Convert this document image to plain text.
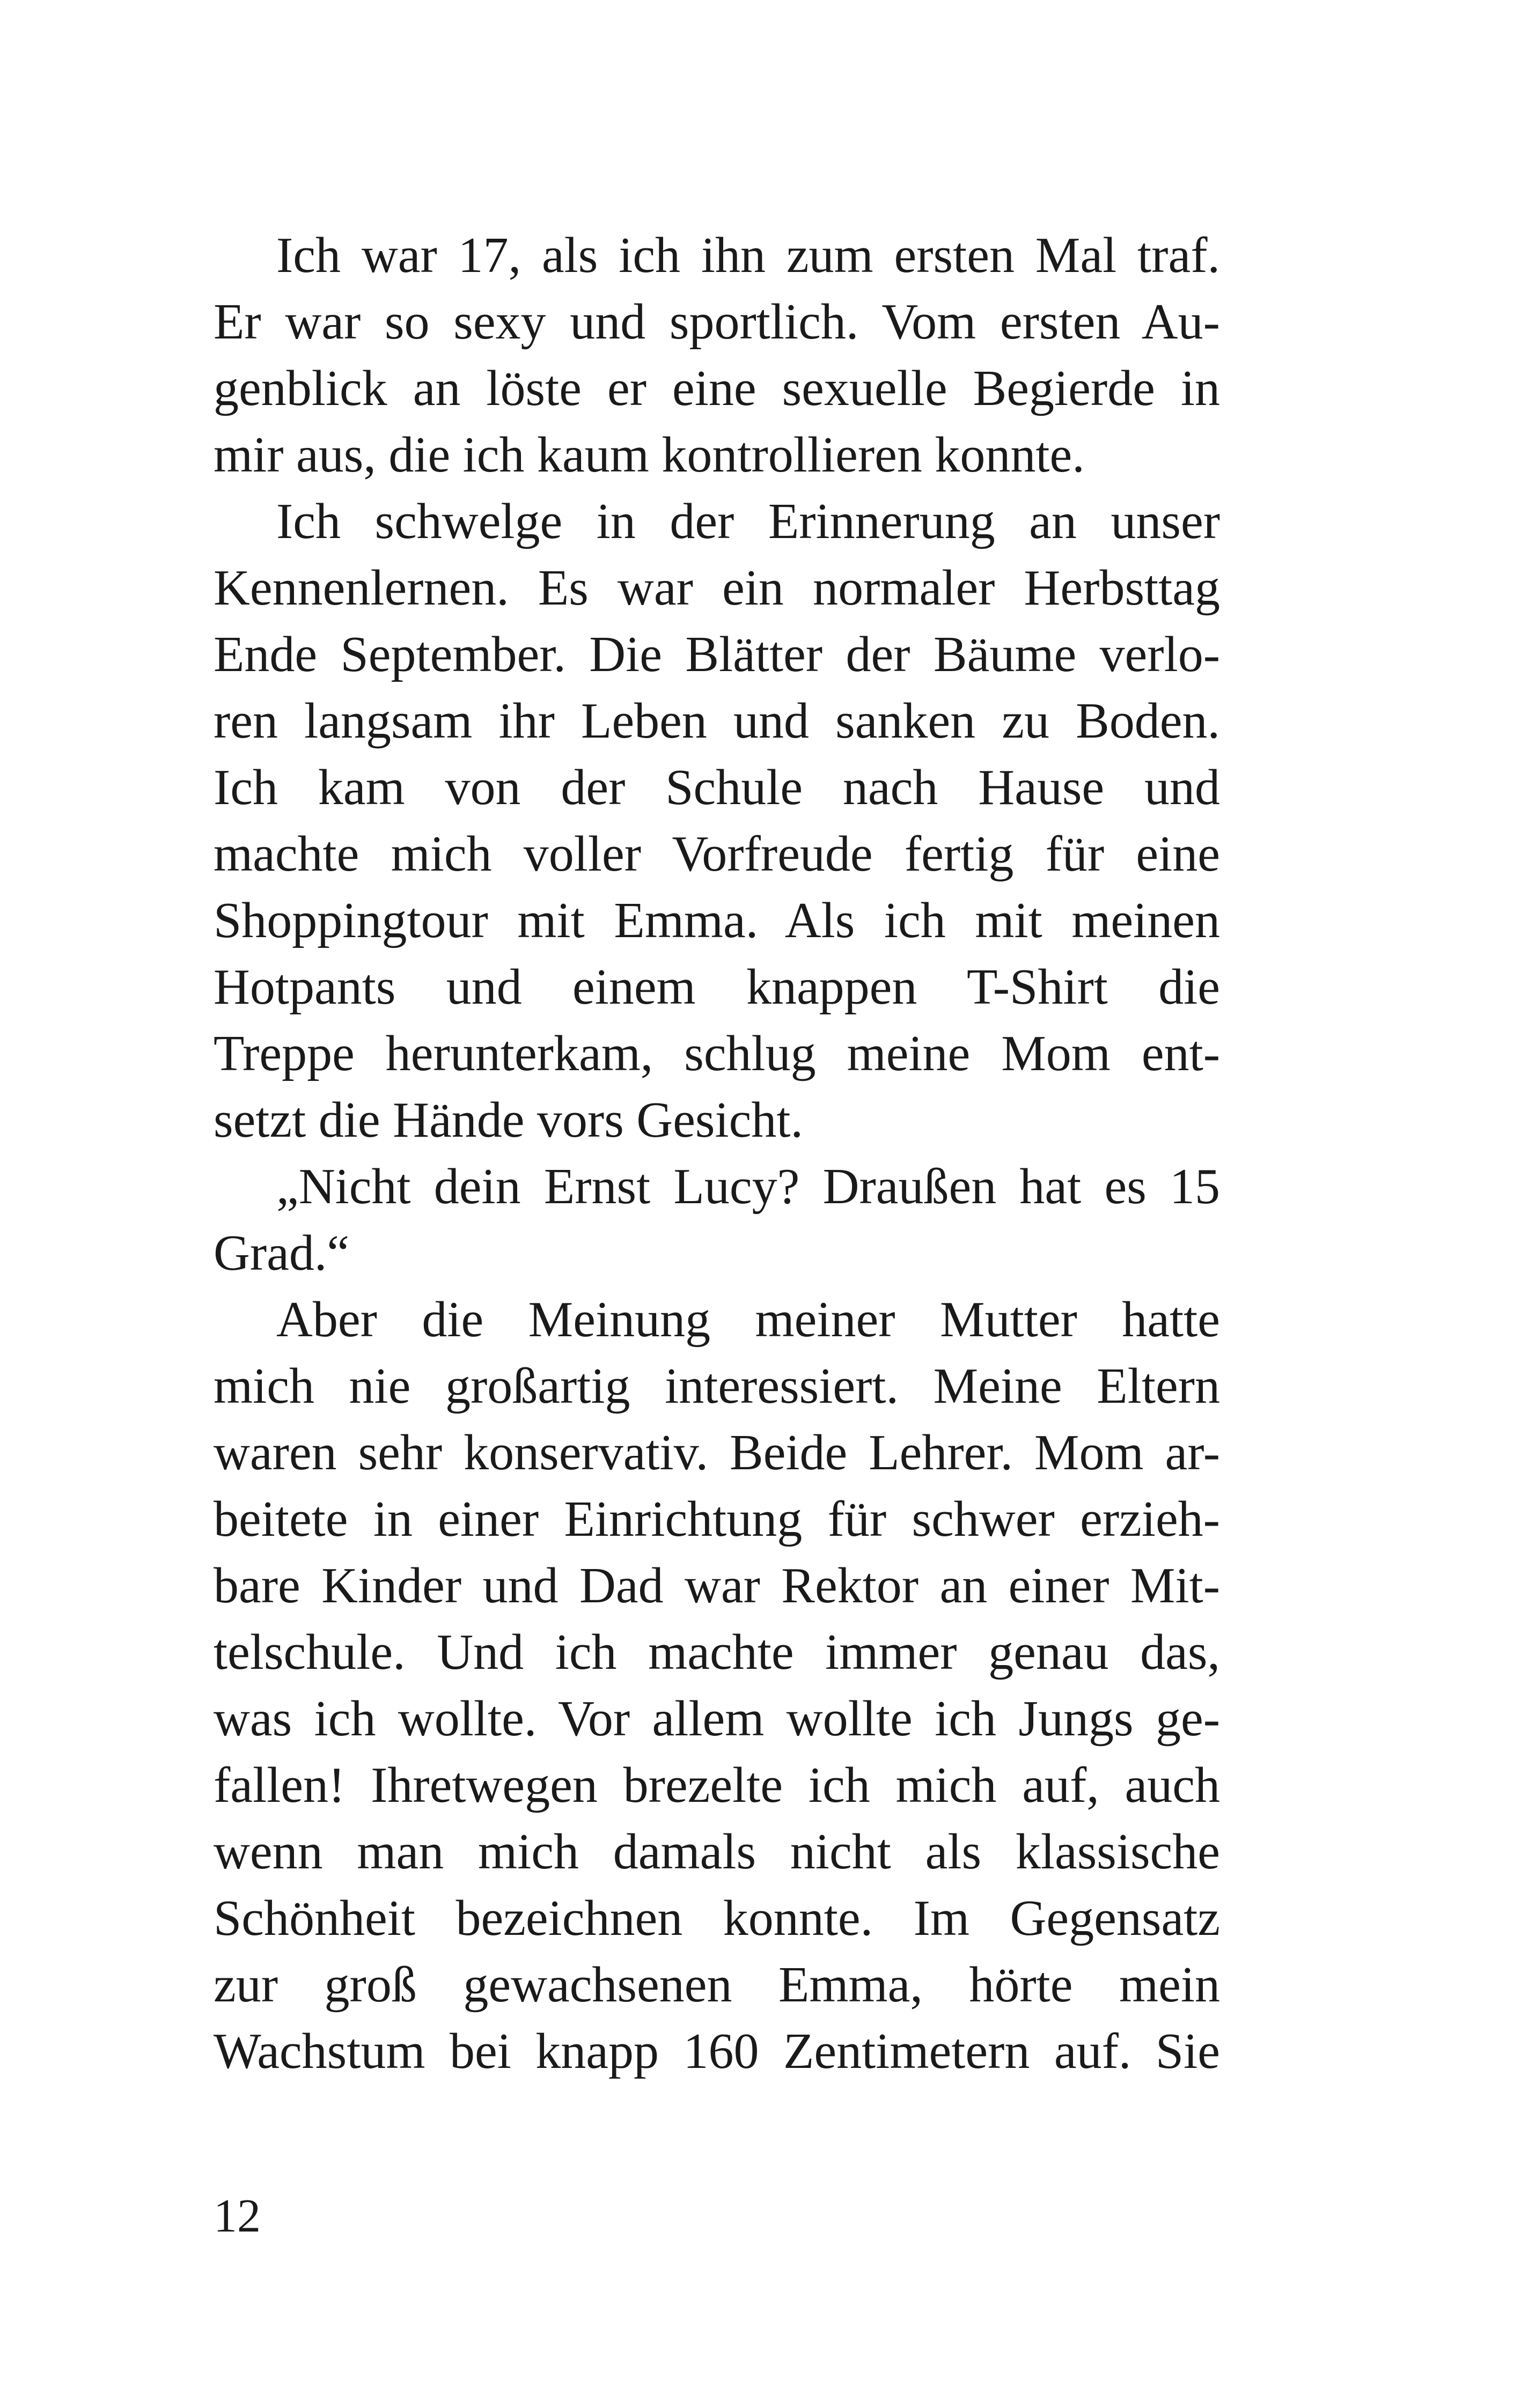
Ich war 17, als ich ihn zum ersten Mal traf.
Er war so sexy und sportlich. Vom ersten Au-
genblick an löste er eine sexuelle Begierde in
mir aus, die ich kaum kontrollieren konnte.
Ich schwelge in der Erinnerung an unser
Kennenlernen. Es war ein normaler Herbsttag
Ende September. Die Blätter der Bäume verlo-
ren langsam ihr Leben und sanken zu Boden.
Ich kam von der Schule nach Hause und
machte mich voller Vorfreude fertig für eine
Shoppingtour mit Emma. Als ich mit meinen
Hotpants und einem knappen T-Shirt die
Treppe herunterkam, schlug meine Mom ent-
setzt die Hände vors Gesicht.
„Nicht dein Ernst Lucy? Draußen hat es 15
Grad.“
Aber die Meinung meiner Mutter hatte
mich nie großartig interessiert. Meine Eltern
waren sehr konservativ. Beide Lehrer. Mom ar-
beitete in einer Einrichtung für schwer erzieh-
bare Kinder und Dad war Rektor an einer Mit-
telschule. Und ich machte immer genau das,
was ich wollte. Vor allem wollte ich Jungs ge-
fallen! Ihretwegen brezelte ich mich auf, auch
wenn man mich damals nicht als klassische
Schönheit bezeichnen konnte. Im Gegensatz
zur groß gewachsenen Emma, hörte mein
Wachstum bei knapp 160 Zentimetern auf. Sie
12
